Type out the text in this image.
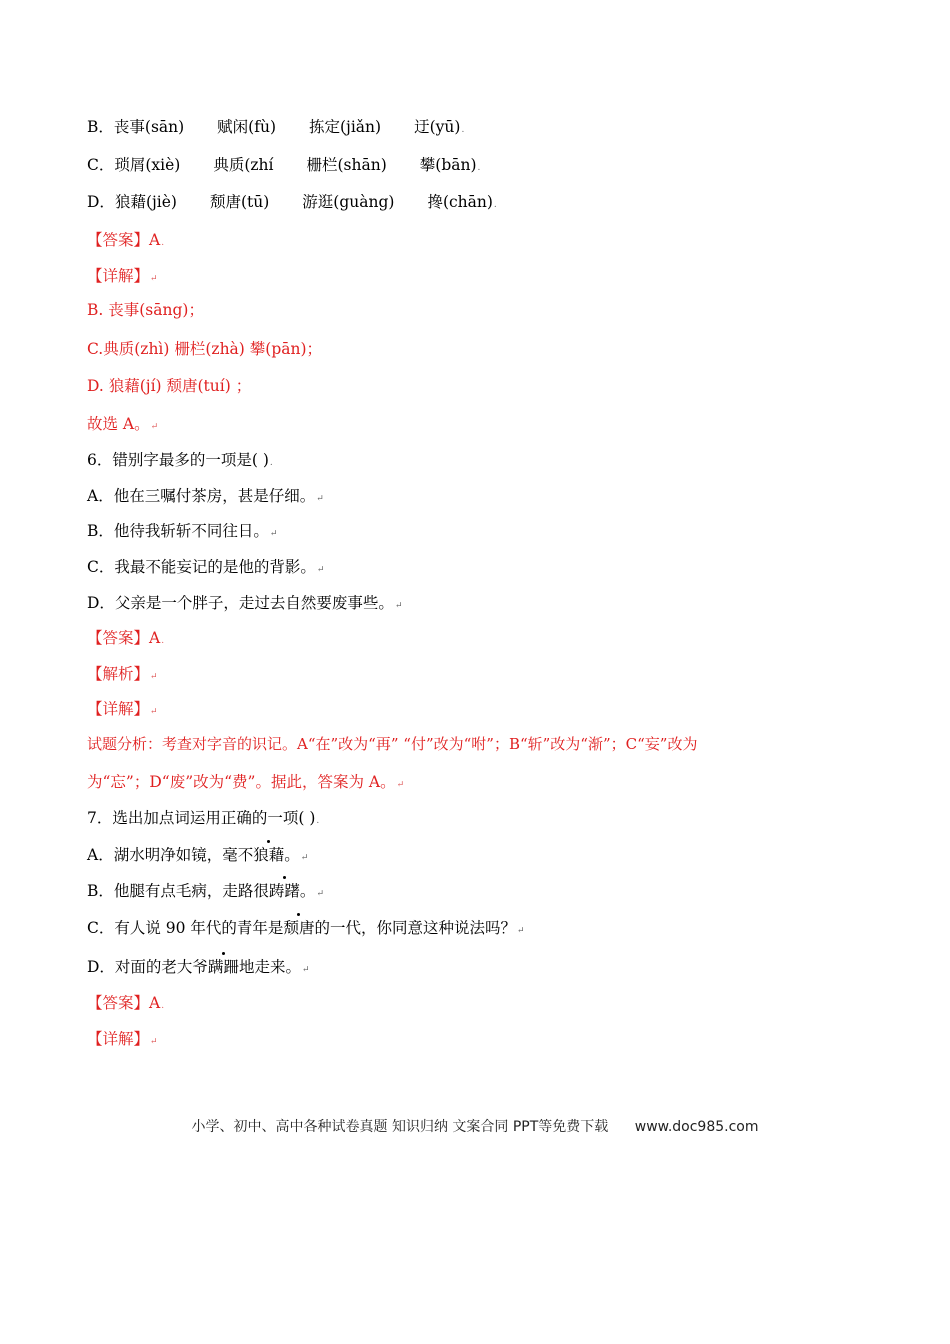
B．丧事(sān) 赋闲(fù) 拣定(jiǎn) 迂(yū).
C．琐屑(xiè) 典质(zhí 栅栏(shān) 攀(bān).
D．狼藉(jiè) 颓唐(tū) 游逛(guàng) 搀(chān).
【答案】A.
【详解】↵
B. 丧事(sāng)；
C.典质(zhì) 栅栏(zhà) 攀(pān)；
D. 狼藉(jí) 颓唐(tuí) ；
故选 A。↵
6．错别字最多的一项是( ).
A．他在三嘱付茶房，甚是仔细。↵
B．他待我斩斩不同往日。↵
C．我最不能妄记的是他的背影。↵
D．父亲是一个胖子，走过去自然要废事些。↵
【答案】A.
【解析】↵
【详解】↵
试题分析：考查对字音的识记。A“在”改为“再” “付”改为“咐”；B“斩”改为“渐”；C“妄”改为
为“忘”；D“废”改为“费”。据此，答案为 A。↵
7．选出加点词运用正确的一项( ).
A．湖水明净如镜，毫不狼藉。↵
B．他腿有点毛病，走路很踌躇。↵
C．有人说 90 年代的青年是颓唐的一代，你同意这种说法吗？↵
D．对面的老大爷蹒跚地走来。↵
【答案】A.
【详解】↵
小学、初中、高中各种试卷真题 知识归纳 文案合同 PPT等免费下载 www.doc985.com
